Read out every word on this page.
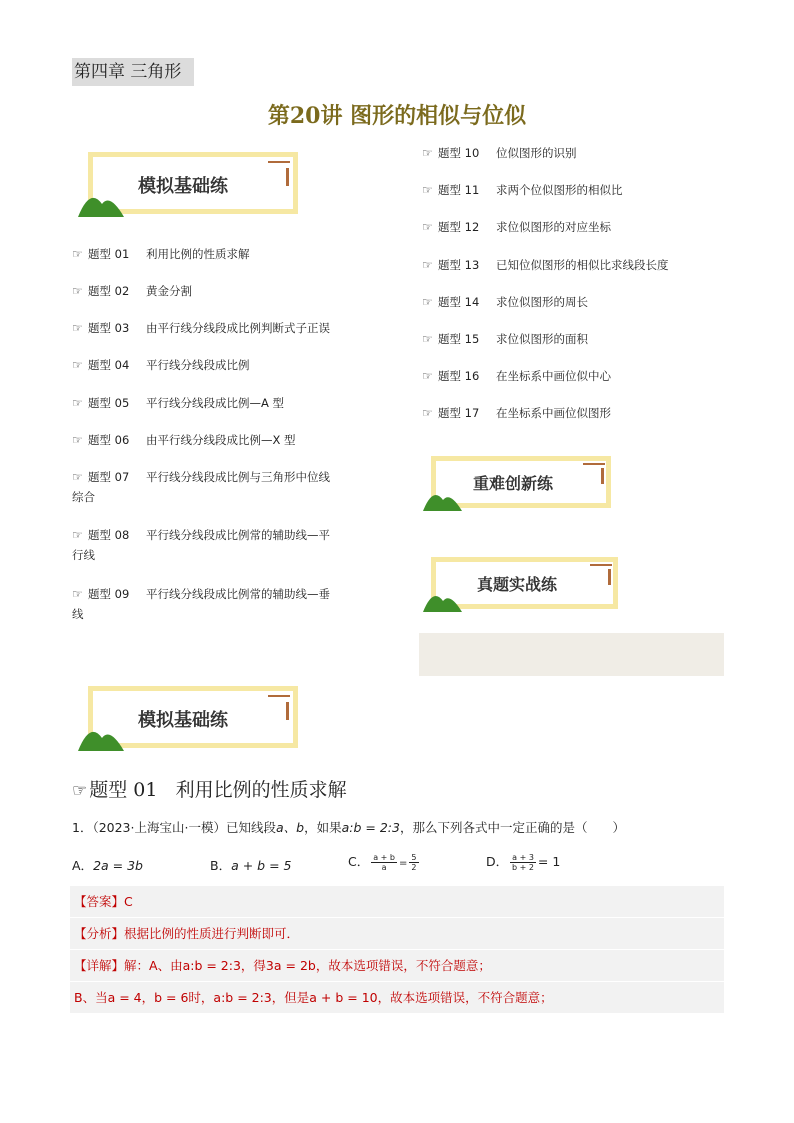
第四章 三角形
第20讲 图形的相似与位似
模拟基础练
☞ 题型 01 利用比例的性质求解
☞ 题型 02 黄金分割
☞ 题型 03 由平行线分线段成比例判断式子正误
☞ 题型 04 平行线分线段成比例
☞ 题型 05 平行线分线段成比例—A 型
☞ 题型 06 由平行线分线段成比例—X 型
☞ 题型 07 平行线分线段成比例与三角形中位线
综合
☞ 题型 08 平行线分线段成比例常的辅助线—平
行线
☞ 题型 09 平行线分线段成比例常的辅助线—垂
线
☞ 题型 10 位似图形的识别
☞ 题型 11 求两个位似图形的相似比
☞ 题型 12 求位似图形的对应坐标
☞ 题型 13 已知位似图形的相似比求线段长度
☞ 题型 14 求位似图形的周长
☞ 题型 15 求位似图形的面积
☞ 题型 16 在坐标系中画位似中心
☞ 题型 17 在坐标系中画位似图形
重难创新练
真题实战练
模拟基础练
☞ 题型 01 利用比例的性质求解
1．（2023·上海宝山·一模）已知线段a、b，如果a:b = 2:3，那么下列各式中一定正确的是（　　）
A．2a = 3b	B．a + b = 5	C． $\frac{a + b}{a} = \frac{5}{2}$	D． $\frac{a + 3}{b + 2} = 1$
【答案】C
【分析】根据比例的性质进行判断即可．
【详解】解：A、由a:b = 2:3，得3a = 2b，故本选项错误，不符合题意；
B、当a = 4，b = 6时，a:b = 2:3，但是a + b = 10，故本选项错误，不符合题意；
